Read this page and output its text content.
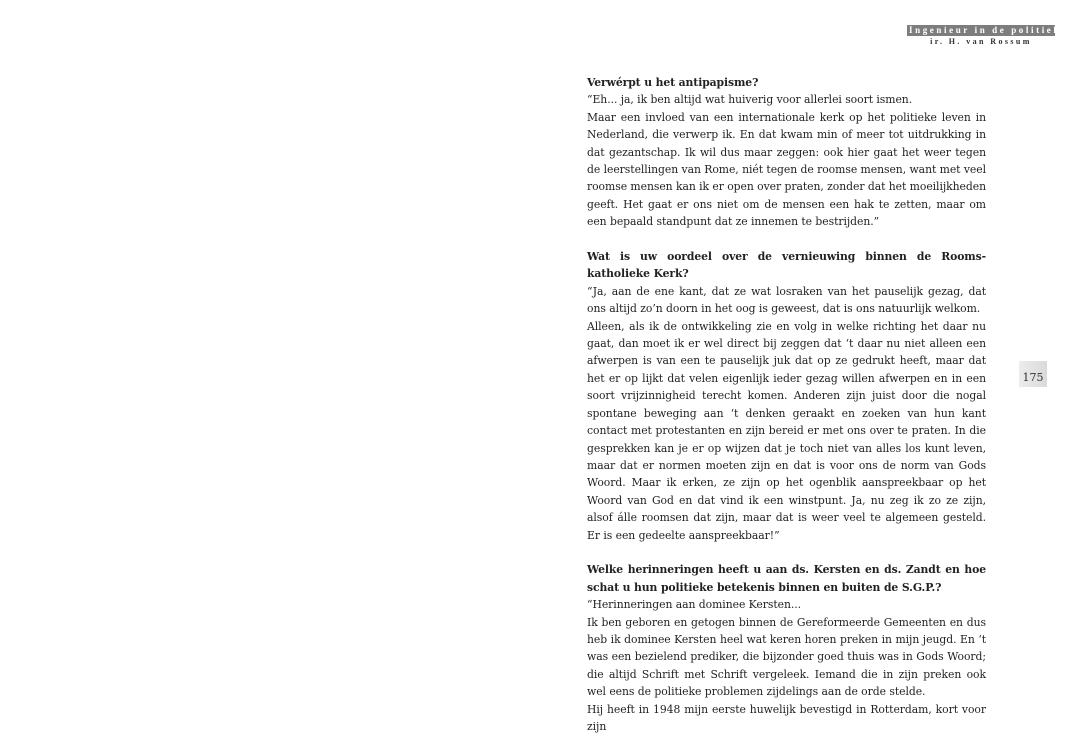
Ingenieur in de politiek
ir. H. van Rossum
175

Verwérpt u het antipapisme?

“Eh... ja, ik ben altijd wat huiverig voor allerlei soort ismen.

Maar een invloed van een internationale kerk op het politieke leven in Nederland, die verwerp ik. En dat kwam min of meer tot uitdrukking in dat gezantschap. Ik wil dus maar zeggen: ook hier gaat het weer tegen de leerstellingen van Rome, niét tegen de roomse mensen, want met veel roomse mensen kan ik er open over praten, zonder dat het moeilijkheden geeft. Het gaat er ons niet om de mensen een hak te zetten, maar om een bepaald standpunt dat ze innemen te bestrijden.”

Wat is uw oordeel over de vernieuwing binnen de Rooms-katholieke Kerk?

“Ja, aan de ene kant, dat ze wat losraken van het pauselijk gezag, dat ons altijd zo’n doorn in het oog is geweest, dat is ons natuurlijk welkom.

Alleen, als ik de ontwikkeling zie en volg in welke richting het daar nu gaat, dan moet ik er wel direct bij zeggen dat ‘t daar nu niet alleen een afwerpen is van een te pauselijk juk dat op ze gedrukt heeft, maar dat het er op lijkt dat velen eigenlijk ieder gezag willen afwerpen en in een soort vrijzinnigheid terecht komen. Anderen zijn juist door die nogal spontane beweging aan ‘t denken geraakt en zoeken van hun kant contact met protestanten en zijn bereid er met ons over te praten. In die gesprekken kan je er op wijzen dat je toch niet van alles los kunt leven, maar dat er normen moeten zijn en dat is voor ons de norm van Gods Woord. Maar ik erken, ze zijn op het ogenblik aanspreekbaar op het Woord van God en dat vind ik een winstpunt. Ja, nu zeg ik zo ze zijn, alsof álle roomsen dat zijn, maar dat is weer veel te algemeen gesteld. Er is een gedeelte aanspreekbaar!”

Welke herinneringen heeft u aan ds. Kersten en ds. Zandt en hoe schat u hun politieke betekenis binnen en buiten de S.G.P.?

“Herinneringen aan dominee Kersten...

Ik ben geboren en getogen binnen de Gereformeerde Gemeenten en dus heb ik dominee Kersten heel wat keren horen preken in mijn jeugd. En ‘t was een bezielend prediker, die bijzonder goed thuis was in Gods Woord; die altijd Schrift met Schrift vergeleek. Iemand die in zijn preken ook wel eens de politieke problemen zijdelings aan de orde stelde.

Hij heeft in 1948 mijn eerste huwelijk bevestigd in Rotterdam, kort voor zijn
